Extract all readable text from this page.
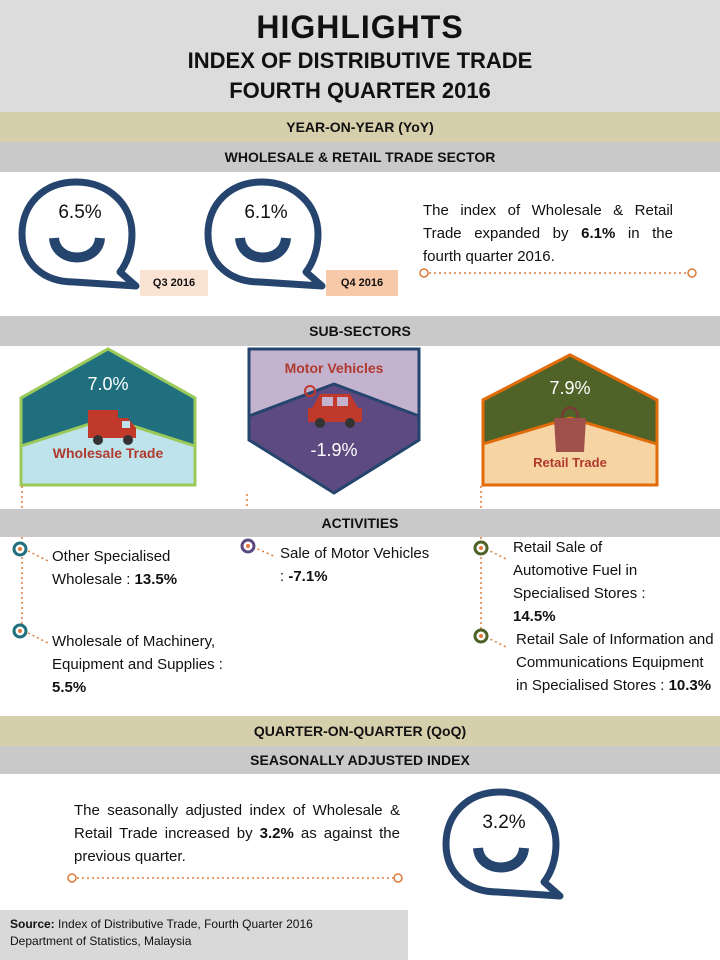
HIGHLIGHTS
INDEX OF DISTRIBUTIVE TRADE
FOURTH QUARTER 2016
YEAR-ON-YEAR (YoY)
WHOLESALE & RETAIL TRADE SECTOR
6.5%
Q3 2016
6.1%
Q4 2016
The index of Wholesale & Retail Trade expanded by 6.1% in the fourth quarter 2016.
SUB-SECTORS
7.0%
Wholesale Trade
Motor Vehicles
-1.9%
7.9%
Retail Trade
ACTIVITIES
Other Specialised Wholesale : 13.5%
Wholesale of Machinery, Equipment and Supplies : 5.5%
Sale of Motor Vehicles : -7.1%
Retail Sale of Automotive Fuel in Specialised Stores : 14.5%
Retail Sale of Information and Communications Equipment in Specialised Stores : 10.3%
QUARTER-ON-QUARTER (QoQ)
SEASONALLY ADJUSTED INDEX
The seasonally adjusted index of Wholesale & Retail Trade increased by 3.2% as against the previous quarter.
3.2%
Source: Index of Distributive Trade, Fourth Quarter 2016
Department of Statistics, Malaysia
